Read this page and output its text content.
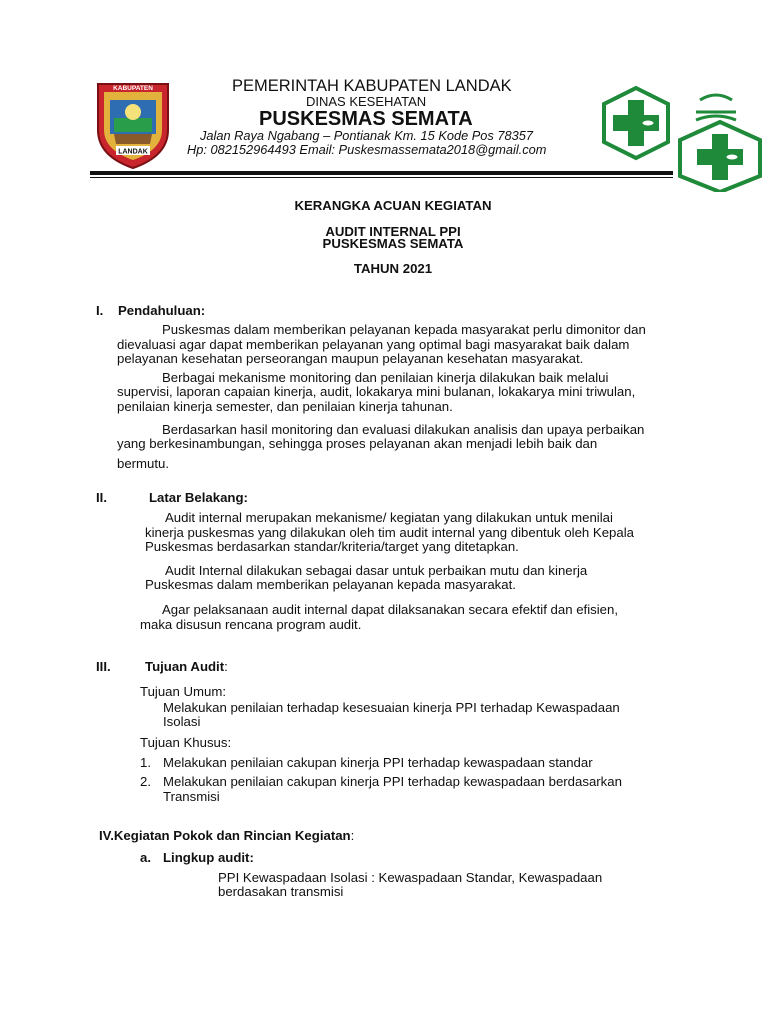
KABUPATEN
LANDAK
PEMERINTAH KABUPATEN LANDAK
DINAS KESEHATAN
PUSKESMAS SEMATA
Jalan Raya Ngabang – Pontianak Km. 15 Kode Pos 78357
Hp: 082152964493 Email: Puskesmassemata2018@gmail.com
KERANGKA ACUAN KEGIATAN
AUDIT INTERNAL PPI
PUSKESMAS SEMATA
TAHUN 2021
I. Pendahuluan:
Puskesmas dalam memberikan pelayanan kepada masyarakat perlu dimonitor dan
dievaluasi agar dapat memberikan pelayanan yang optimal bagi masyarakat baik dalam
pelayanan kesehatan perseorangan maupun pelayanan kesehatan masyarakat.
Berbagai mekanisme monitoring dan penilaian kinerja dilakukan baik melalui
supervisi, laporan capaian kinerja, audit, lokakarya mini bulanan, lokakarya mini triwulan,
penilaian kinerja semester, dan penilaian kinerja tahunan.
Berdasarkan hasil monitoring dan evaluasi dilakukan analisis dan upaya perbaikan
yang berkesinambungan, sehingga proses pelayanan akan menjadi lebih baik dan
bermutu.
II.	Latar Belakang:
Audit internal merupakan mekanisme/ kegiatan yang dilakukan untuk menilai
kinerja puskesmas yang dilakukan oleh tim audit internal yang dibentuk oleh Kepala
Puskesmas berdasarkan standar/kriteria/target yang ditetapkan.
Audit Internal dilakukan sebagai dasar untuk perbaikan mutu dan kinerja
Puskesmas dalam memberikan pelayanan kepada masyarakat.
Agar pelaksanaan audit internal dapat dilaksanakan secara efektif dan efisien,
maka disusun rencana program audit.
III.	Tujuan Audit:
Tujuan Umum:
Melakukan penilaian terhadap kesesuaian kinerja PPI terhadap Kewaspadaan
Isolasi
Tujuan Khusus:
1. Melakukan penilaian cakupan kinerja PPI terhadap kewaspadaan standar
2. Melakukan penilaian cakupan kinerja PPI terhadap kewaspadaan berdasarkan
Transmisi
IV.Kegiatan Pokok dan Rincian Kegiatan:
a. Lingkup audit:
PPI Kewaspadaan Isolasi : Kewaspadaan Standar, Kewaspadaan
berdasakan transmisi
